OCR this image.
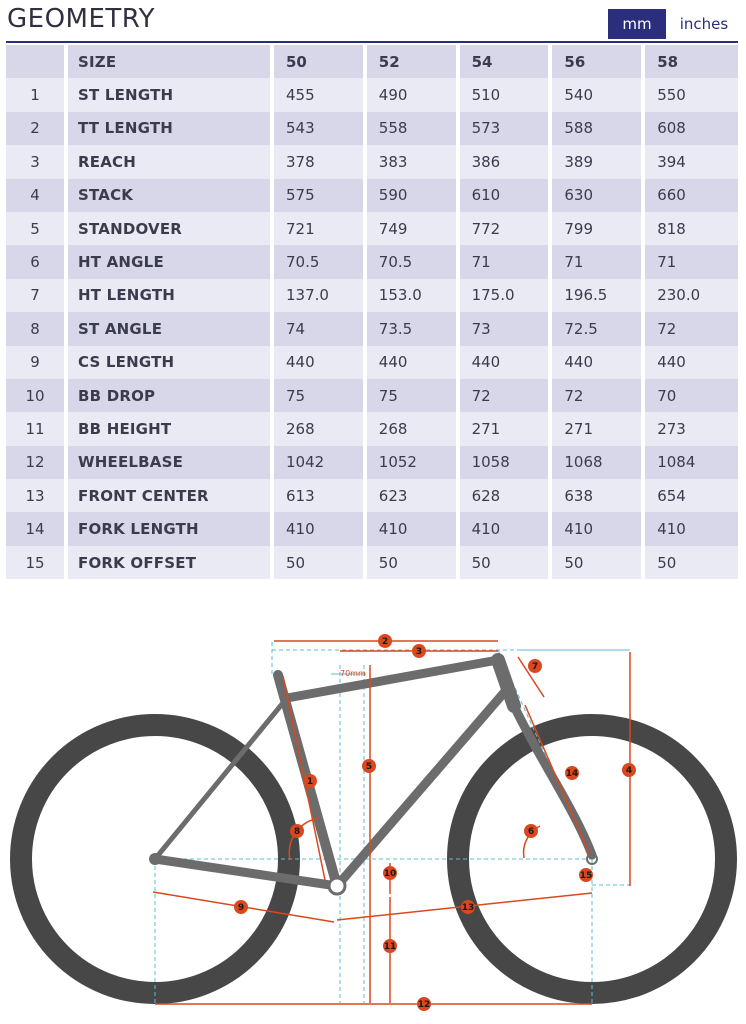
GEOMETRY	mm	inches
	SIZE	50	52	54	56	58
1	ST LENGTH	455	490	510	540	550
2	TT LENGTH	543	558	573	588	608
3	REACH	378	383	386	389	394
4	STACK	575	590	610	630	660
5	STANDOVER	721	749	772	799	818
6	HT ANGLE	70.5	70.5	71	71	71
7	HT LENGTH	137.0	153.0	175.0	196.5	230.0
8	ST ANGLE	74	73.5	73	72.5	72
9	CS LENGTH	440	440	440	440	440
10	BB DROP	75	75	72	72	70
11	BB HEIGHT	268	268	271	271	273
12	WHEELBASE	1042	1052	1058	1068	1084
13	FRONT CENTER	613	623	628	638	654
14	FORK LENGTH	410	410	410	410	410
15	FORK OFFSET	50	50	50	50	50
70mm
2
3
7
5	4
14
1
8	6
10	15
9	13
11
12
